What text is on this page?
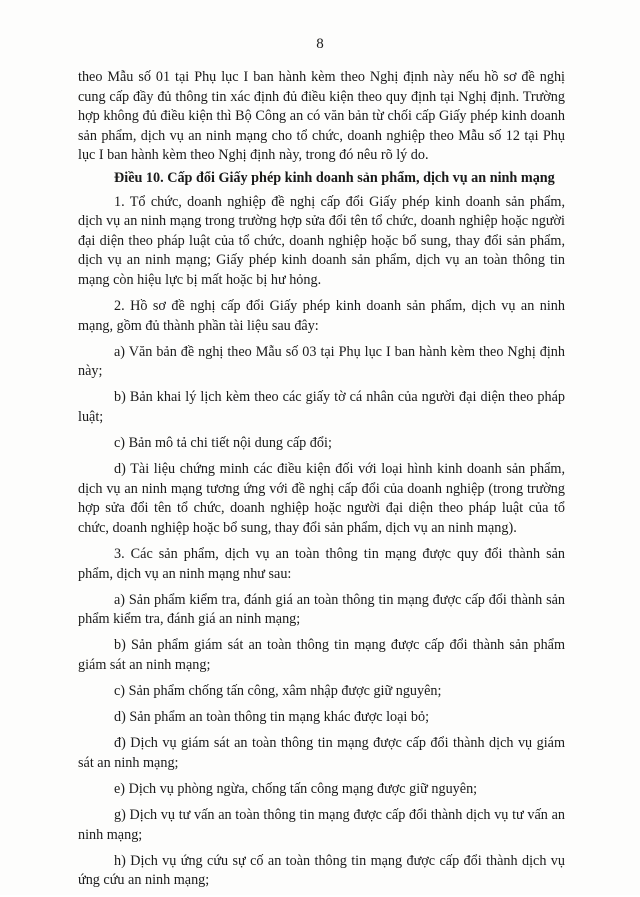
8

theo Mẫu số 01 tại Phụ lục I ban hành kèm theo Nghị định này nếu hồ sơ đề nghị cung cấp đầy đủ thông tin xác định đủ điều kiện theo quy định tại Nghị định. Trường hợp không đủ điều kiện thì Bộ Công an có văn bản từ chối cấp Giấy phép kinh doanh sản phẩm, dịch vụ an ninh mạng cho tổ chức, doanh nghiệp theo Mẫu số 12 tại Phụ lục I ban hành kèm theo Nghị định này, trong đó nêu rõ lý do.

Điều 10. Cấp đổi Giấy phép kinh doanh sản phẩm, dịch vụ an ninh mạng

1. Tổ chức, doanh nghiệp đề nghị cấp đổi Giấy phép kinh doanh sản phẩm, dịch vụ an ninh mạng trong trường hợp sửa đổi tên tổ chức, doanh nghiệp hoặc người đại diện theo pháp luật của tổ chức, doanh nghiệp hoặc bổ sung, thay đổi sản phẩm, dịch vụ an ninh mạng; Giấy phép kinh doanh sản phẩm, dịch vụ an toàn thông tin mạng còn hiệu lực bị mất hoặc bị hư hỏng.

2. Hồ sơ đề nghị cấp đổi Giấy phép kinh doanh sản phẩm, dịch vụ an ninh mạng, gồm đủ thành phần tài liệu sau đây:

a) Văn bản đề nghị theo Mẫu số 03 tại Phụ lục I ban hành kèm theo Nghị định này;

b) Bản khai lý lịch kèm theo các giấy tờ cá nhân của người đại diện theo pháp luật;

c) Bản mô tả chi tiết nội dung cấp đổi;

d) Tài liệu chứng minh các điều kiện đối với loại hình kinh doanh sản phẩm, dịch vụ an ninh mạng tương ứng với đề nghị cấp đổi của doanh nghiệp (trong trường hợp sửa đổi tên tổ chức, doanh nghiệp hoặc người đại diện theo pháp luật của tổ chức, doanh nghiệp hoặc bổ sung, thay đổi sản phẩm, dịch vụ an ninh mạng).

3. Các sản phẩm, dịch vụ an toàn thông tin mạng được quy đổi thành sản phẩm, dịch vụ an ninh mạng như sau:

a) Sản phẩm kiểm tra, đánh giá an toàn thông tin mạng được cấp đổi thành sản phẩm kiểm tra, đánh giá an ninh mạng;

b) Sản phẩm giám sát an toàn thông tin mạng được cấp đổi thành sản phẩm giám sát an ninh mạng;

c) Sản phẩm chống tấn công, xâm nhập được giữ nguyên;

d) Sản phẩm an toàn thông tin mạng khác được loại bỏ;

đ) Dịch vụ giám sát an toàn thông tin mạng được cấp đổi thành dịch vụ giám sát an ninh mạng;

e) Dịch vụ phòng ngừa, chống tấn công mạng được giữ nguyên;

g) Dịch vụ tư vấn an toàn thông tin mạng được cấp đổi thành dịch vụ tư vấn an ninh mạng;

h) Dịch vụ ứng cứu sự cố an toàn thông tin mạng được cấp đổi thành dịch vụ ứng cứu an ninh mạng;
